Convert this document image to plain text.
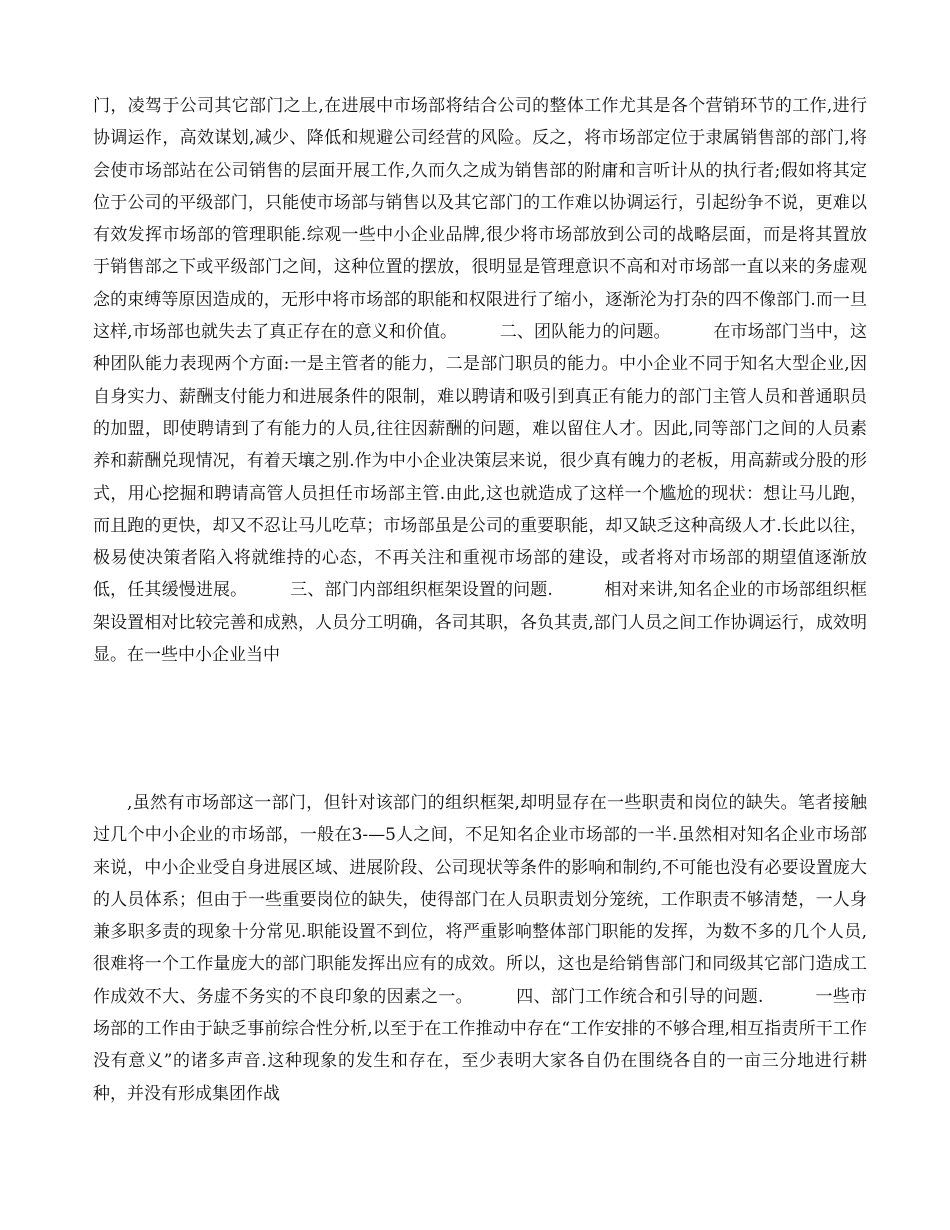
门，凌驾于公司其它部门之上,在进展中市场部将结合公司的整体工作尤其是各个营销环节的工作,进行协调运作，高效谋划,减少、降低和规避公司经营的风险。反之，将市场部定位于隶属销售部的部门,将会使市场部站在公司销售的层面开展工作,久而久之成为销售部的附庸和言听计从的执行者;假如将其定位于公司的平级部门，只能使市场部与销售以及其它部门的工作难以协调运行，引起纷争不说，更难以有效发挥市场部的管理职能.综观一些中小企业品牌,很少将市场部放到公司的战略层面，而是将其置放于销售部之下或平级部门之间，这种位置的摆放，很明显是管理意识不高和对市场部一直以来的务虚观念的束缚等原因造成的，无形中将市场部的职能和权限进行了缩小，逐渐沦为打杂的四不像部门.而一旦这样,市场部也就失去了真正存在的意义和价值。　　　二、团队能力的问题。　　　在市场部门当中，这种团队能力表现两个方面:一是主管者的能力，二是部门职员的能力。中小企业不同于知名大型企业,因自身实力、薪酬支付能力和进展条件的限制，难以聘请和吸引到真正有能力的部门主管人员和普通职员的加盟，即使聘请到了有能力的人员,往往因薪酬的问题，难以留住人才。因此,同等部门之间的人员素养和薪酬兑现情况，有着天壤之别.作为中小企业决策层来说，很少真有魄力的老板，用高薪或分股的形式，用心挖掘和聘请高管人员担任市场部主管.由此,这也就造成了这样一个尴尬的现状：想让马儿跑，而且跑的更快，却又不忍让马儿吃草；市场部虽是公司的重要职能，却又缺乏这种高级人才.长此以往，极易使决策者陷入将就维持的心态，不再关注和重视市场部的建设，或者将对市场部的期望值逐渐放低，任其缓慢进展。　　　三、部门内部组织框架设置的问题.　　　相对来讲,知名企业的市场部组织框架设置相对比较完善和成熟，人员分工明确，各司其职，各负其责,部门人员之间工作协调运行，成效明显。在一些中小企业当中

,虽然有市场部这一部门，但针对该部门的组织框架,却明显存在一些职责和岗位的缺失。笔者接触过几个中小企业的市场部，一般在3-—5人之间，不足知名企业市场部的一半.虽然相对知名企业市场部来说，中小企业受自身进展区域、进展阶段、公司现状等条件的影响和制约,不可能也没有必要设置庞大的人员体系；但由于一些重要岗位的缺失，使得部门在人员职责划分笼统，工作职责不够清楚，一人身兼多职多责的现象十分常见.职能设置不到位，将严重影响整体部门职能的发挥，为数不多的几个人员,很难将一个工作量庞大的部门职能发挥出应有的成效。所以，这也是给销售部门和同级其它部门造成工作成效不大、务虚不务实的不良印象的因素之一。　　　四、部门工作统合和引导的问题.　　　一些市场部的工作由于缺乏事前综合性分析,以至于在工作推动中存在“工作安排的不够合理,相互指责所干工作没有意义”的诸多声音.这种现象的发生和存在，至少表明大家各自仍在围绕各自的一亩三分地进行耕种，并没有形成集团作战
